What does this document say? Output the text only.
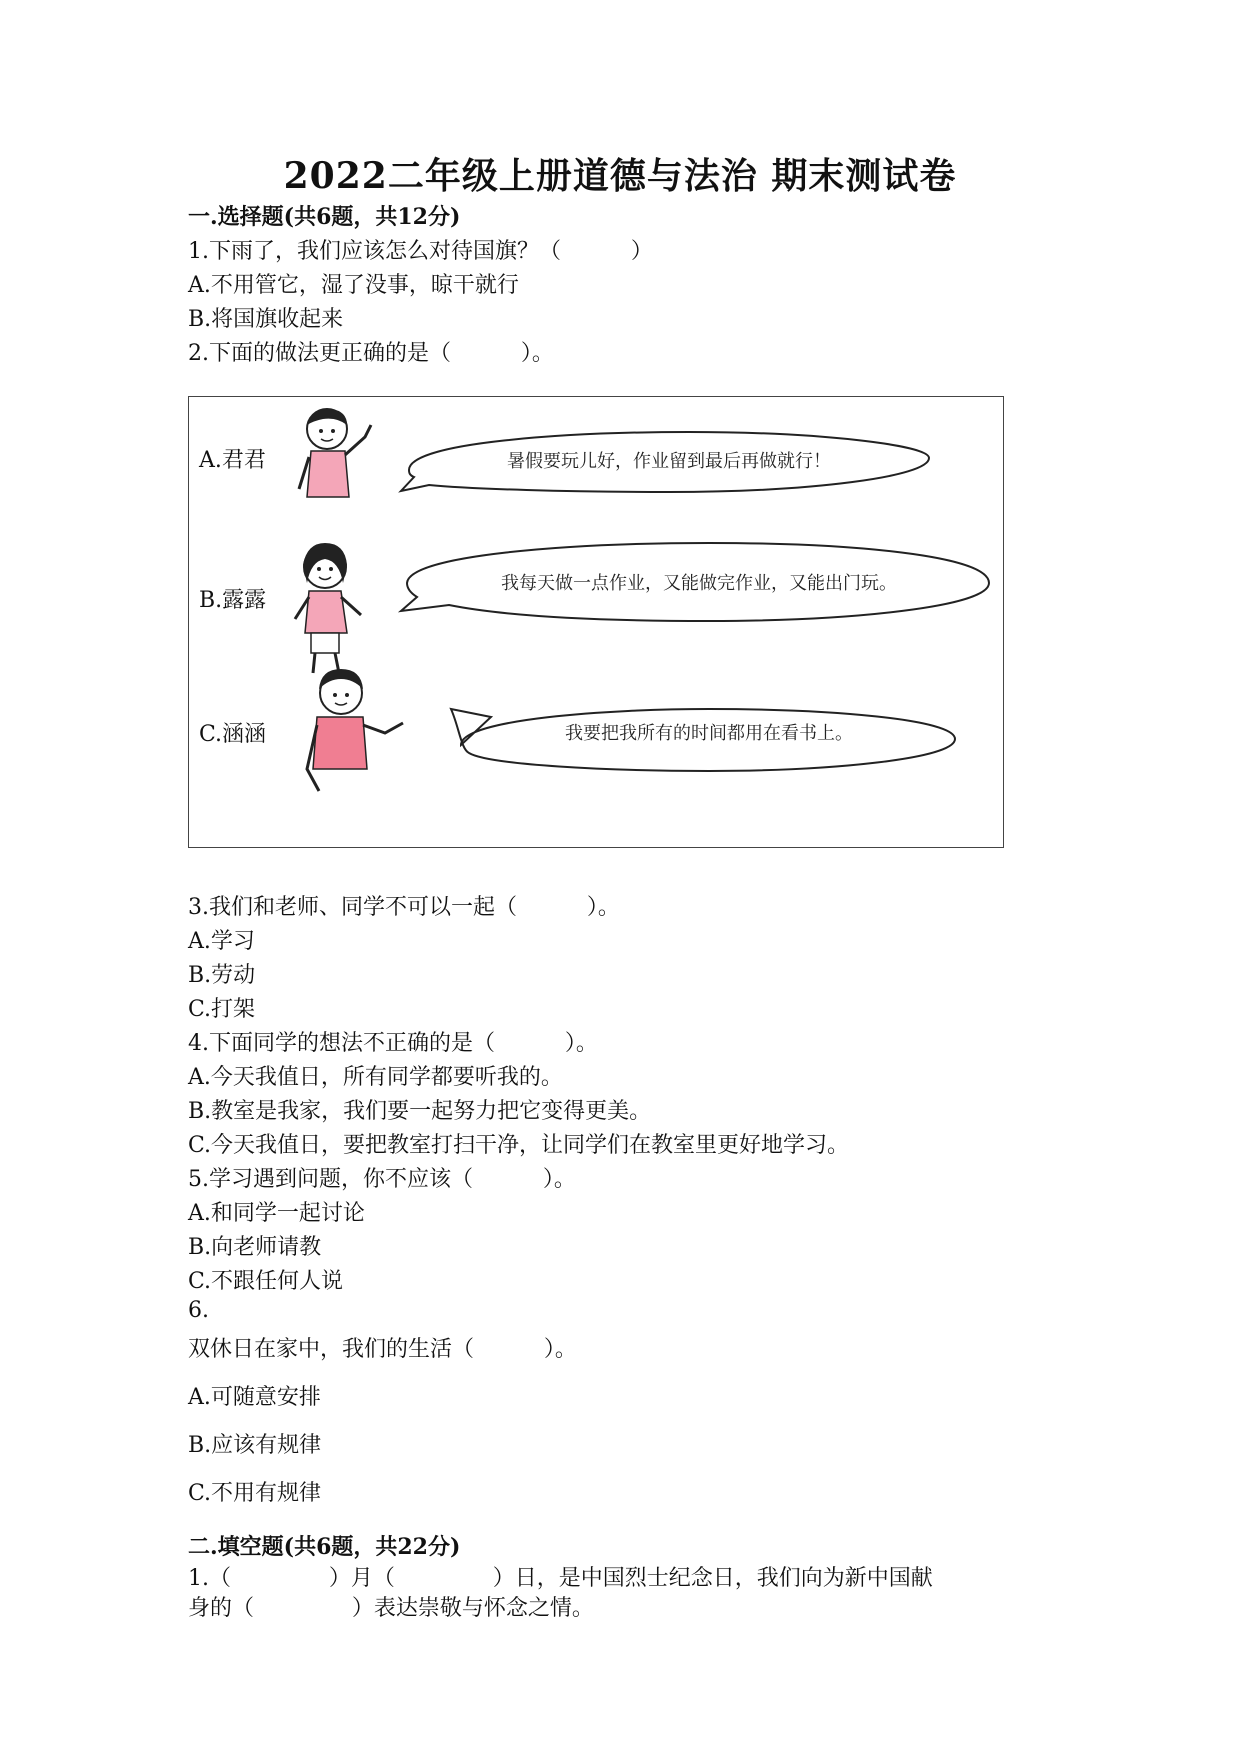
2022二年级上册道德与法治 期末测试卷
一.选择题(共6题，共12分)
1.下雨了，我们应该怎么对待国旗？（          ）
A.不用管它，湿了没事，晾干就行
B.将国旗收起来
2.下面的做法更正确的是（          ）。
A.君君	暑假要玩儿好，作业留到最后再做就行！
B.露露
我每天做一点作业，又能做完作业，又能出门玩。
C.涵涵	我要把我所有的时间都用在看书上。
3.我们和老师、同学不可以一起（          ）。
A.学习
B.劳动
C.打架
4.下面同学的想法不正确的是（          ）。
A.今天我值日，所有同学都要听我的。
B.教室是我家，我们要一起努力把它变得更美。
C.今天我值日，要把教室打扫干净，让同学们在教室里更好地学习。
5.学习遇到问题，你不应该（          ）。
A.和同学一起讨论
B.向老师请教
C.不跟任何人说
6.
双休日在家中，我们的生活（          ）。
A.可随意安排
B.应该有规律
C.不用有规律
二.填空题(共6题，共22分)
1.（              ）月（              ）日，是中国烈士纪念日，我们向为新中国献
身的（              ）表达崇敬与怀念之情。
